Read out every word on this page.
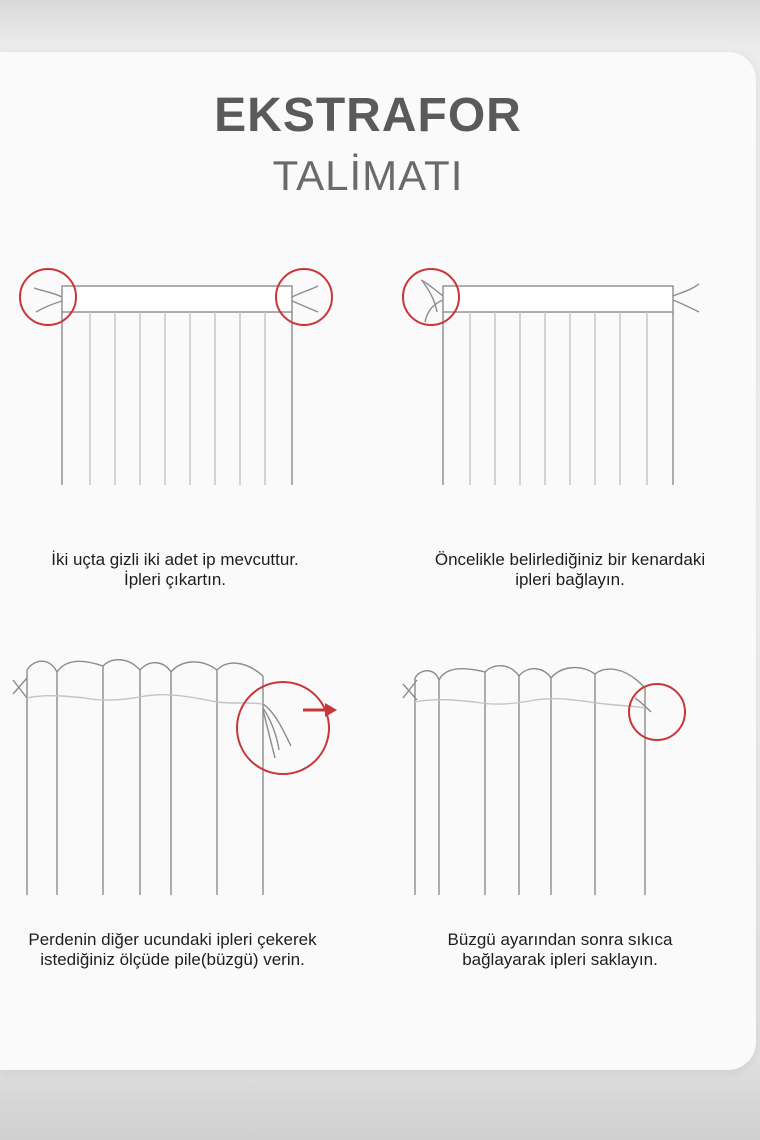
EKSTRAFOR
TALİMATI
İki uçta gizli iki adet ip mevcuttur.
İpleri çıkartın.
Öncelikle belirlediğiniz bir kenardaki
ipleri bağlayın.
Perdenin diğer ucundaki ipleri çekerek
istediğiniz ölçüde pile(büzgü) verin.
Büzgü ayarından sonra sıkıca
bağlayarak ipleri saklayın.
